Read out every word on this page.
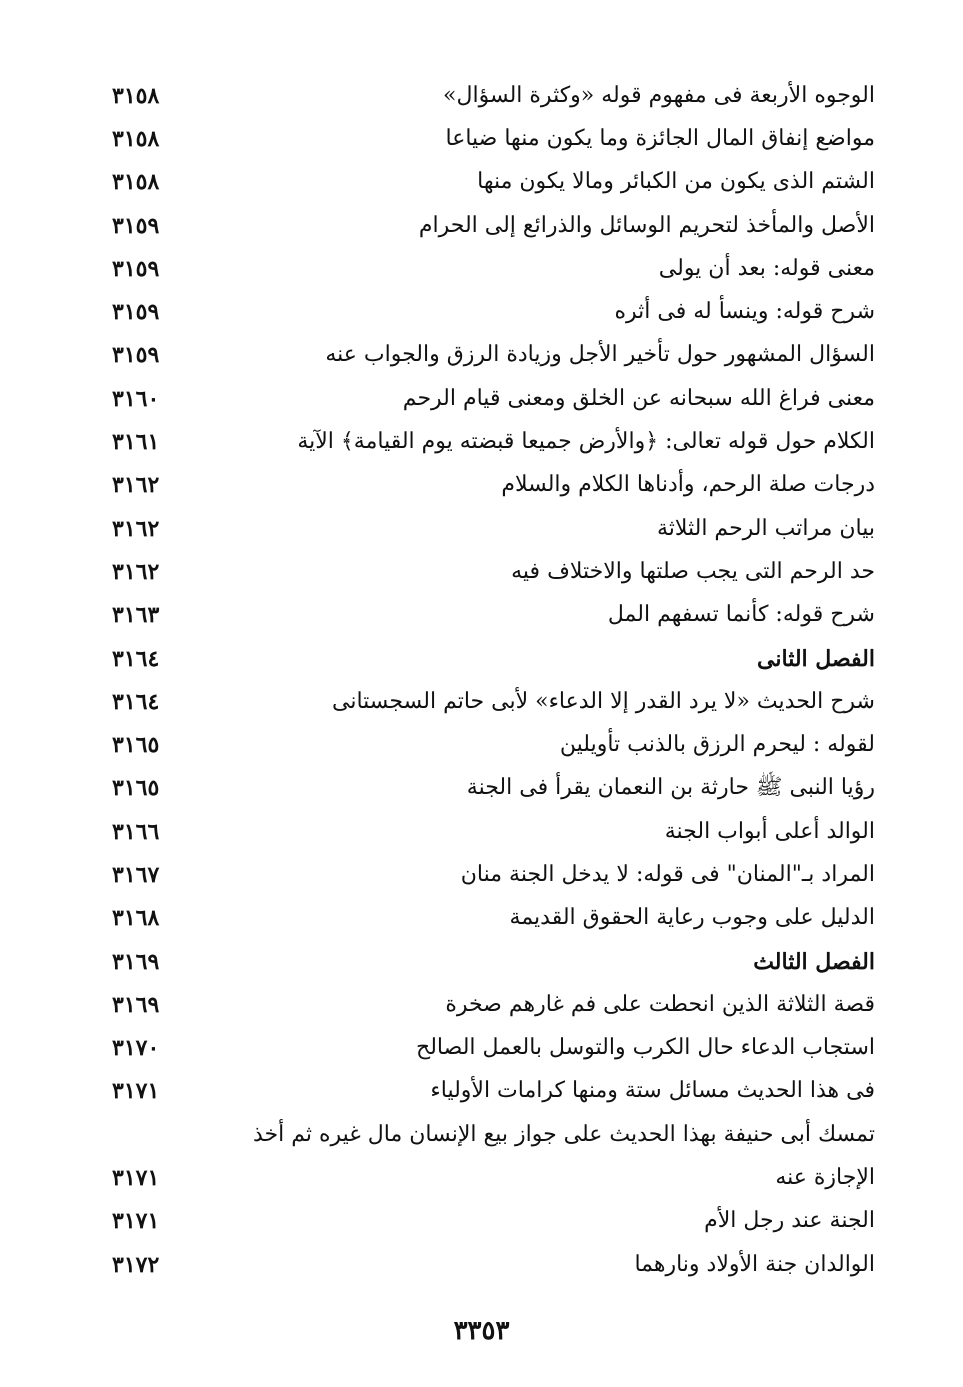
الوجوه الأربعة فى مفهوم قوله «وكثرة السؤال»
٣١٥٨
مواضع إنفاق المال الجائزة وما يكون منها ضياعا
٣١٥٨
الشتم الذى يكون من الكبائر ومالا يكون منها
٣١٥٨
الأصل والمأخذ لتحريم الوسائل والذرائع إلى الحرام
٣١٥٩
معنى قوله: بعد أن يولى
٣١٥٩
شرح قوله: وينسأ له فى أثره
٣١٥٩
السؤال المشهور حول تأخير الأجل وزيادة الرزق والجواب عنه
٣١٥٩
معنى فراغ الله سبحانه عن الخلق ومعنى قيام الرحم
٣١٦٠
الكلام حول قوله تعالى: ﴿والأرض جميعا قبضته يوم القيامة﴾ الآية
٣١٦١
درجات صلة الرحم، وأدناها الكلام والسلام
٣١٦٢
بيان مراتب الرحم الثلاثة
٣١٦٢
حد الرحم التى يجب صلتها والاختلاف فيه
٣١٦٢
شرح قوله: كأنما تسفهم المل
٣١٦٣
الفصل الثانى
٣١٦٤
شرح الحديث «لا يرد القدر إلا الدعاء» لأبى حاتم السجستانى
٣١٦٤
لقوله : ليحرم الرزق بالذنب تأويلين
٣١٦٥
رؤيا النبى ﷺ حارثة بن النعمان يقرأ فى الجنة
٣١٦٥
الوالد أعلى أبواب الجنة
٣١٦٦
المراد بـ"المنان" فى قوله: لا يدخل الجنة منان
٣١٦٧
الدليل على وجوب رعاية الحقوق القديمة
٣١٦٨
الفصل الثالث
٣١٦٩
قصة الثلاثة الذين انحطت على فم غارهم صخرة
٣١٦٩
استجاب الدعاء حال الكرب والتوسل بالعمل الصالح
٣١٧٠
فى هذا الحديث مسائل ستة ومنها كرامات الأولياء
٣١٧١
تمسك أبى حنيفة بهذا الحديث على جواز بيع الإنسان مال غيره ثم أخذ
الإجازة عنه
٣١٧١
الجنة عند رجل الأم
٣١٧١
الوالدان جنة الأولاد ونارهما
٣١٧٢
٣٣٥٣
